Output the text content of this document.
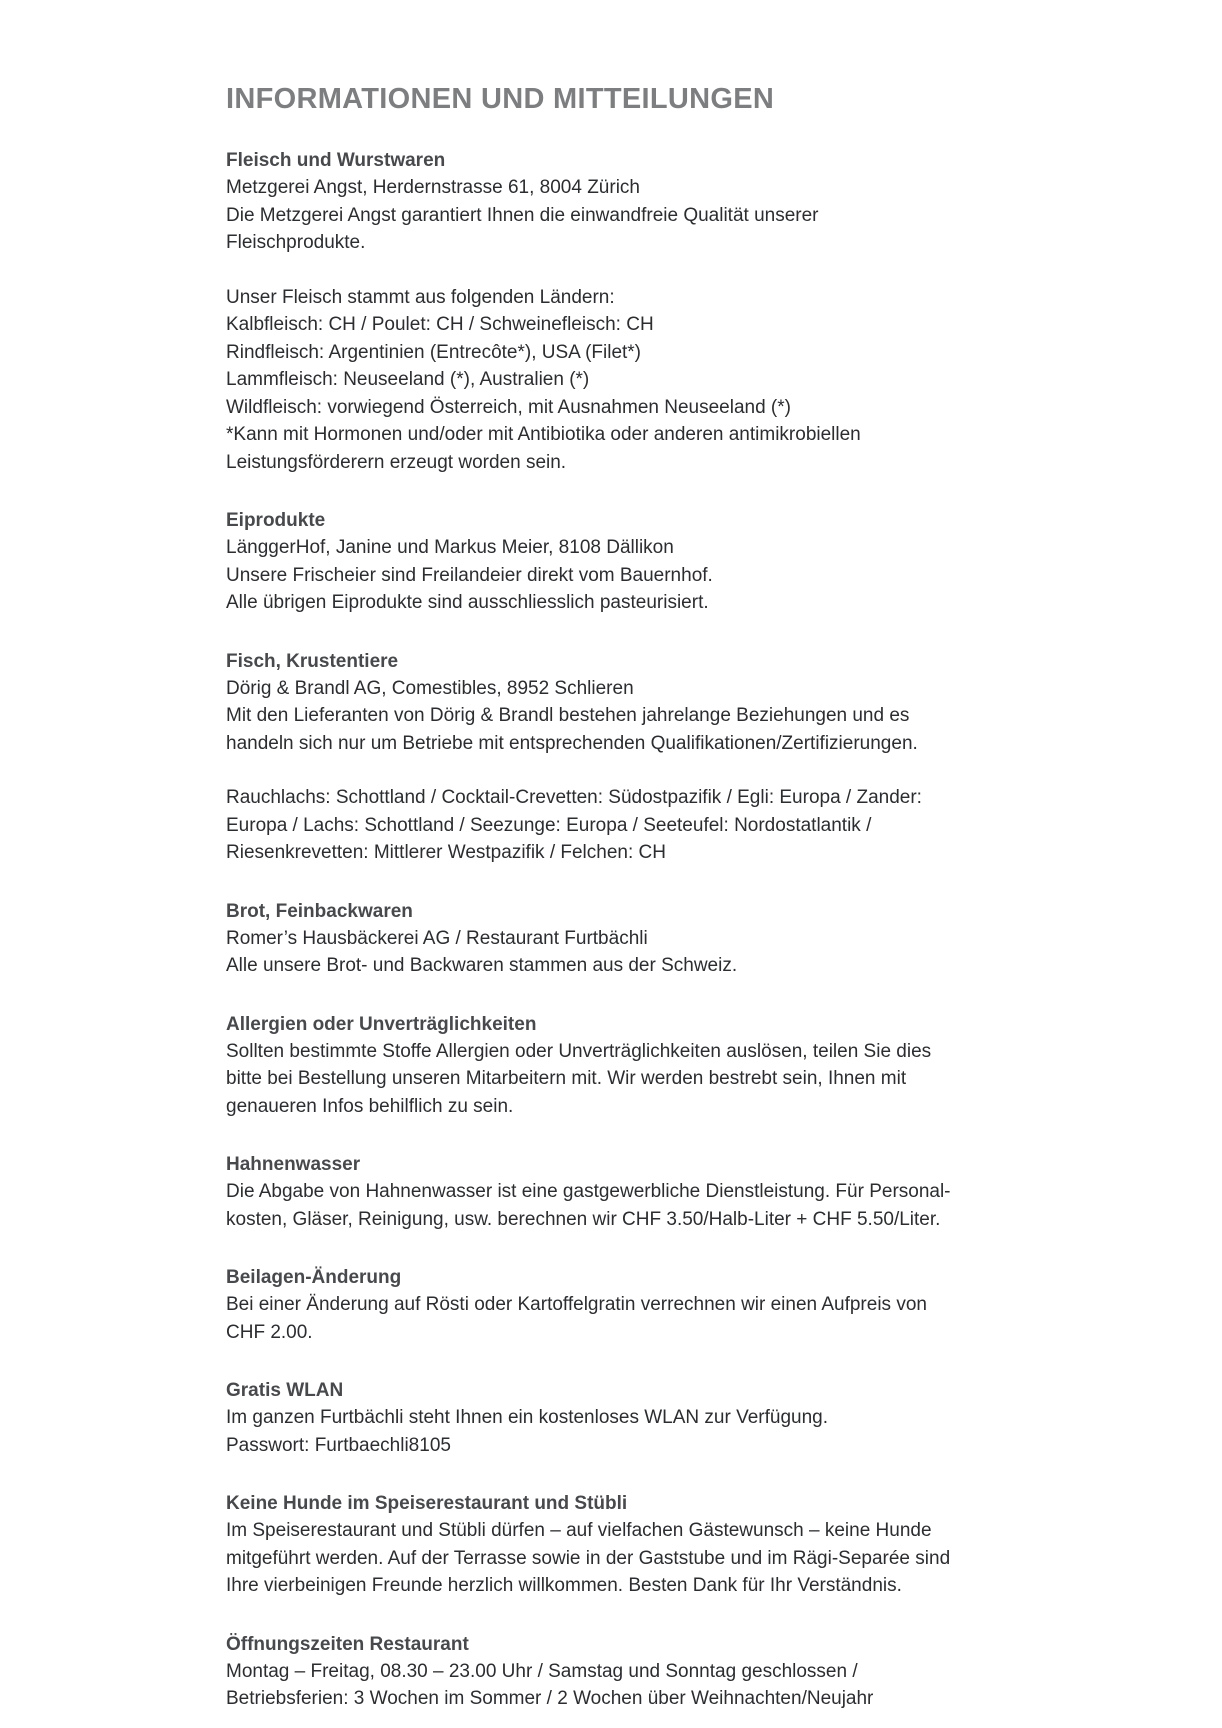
INFORMATIONEN UND MITTEILUNGEN
Fleisch und Wurstwaren
Metzgerei Angst, Herdernstrasse 61, 8004 Zürich
Die Metzgerei Angst garantiert Ihnen die einwandfreie Qualität unserer
Fleischprodukte.
Unser Fleisch stammt aus folgenden Ländern:
Kalbfleisch: CH / Poulet: CH / Schweinefleisch: CH
Rindfleisch: Argentinien (Entrecôte*), USA (Filet*)
Lammfleisch: Neuseeland (*), Australien (*)
Wildfleisch: vorwiegend Österreich, mit Ausnahmen Neuseeland (*)
*Kann mit Hormonen und/oder mit Antibiotika oder anderen antimikrobiellen
Leistungsförderern erzeugt worden sein.
Eiprodukte
LänggerHof, Janine und Markus Meier, 8108 Dällikon
Unsere Frischeier sind Freilandeier direkt vom Bauernhof.
Alle übrigen Eiprodukte sind ausschliesslich pasteurisiert.
Fisch, Krustentiere
Dörig & Brandl AG, Comestibles, 8952 Schlieren
Mit den Lieferanten von Dörig & Brandl bestehen jahrelange Beziehungen und es
handeln sich nur um Betriebe mit entsprechenden Qualifikationen/Zertifizierungen.
Rauchlachs: Schottland / Cocktail-Crevetten: Südostpazifik / Egli: Europa / Zander:
Europa / Lachs: Schottland / Seezunge: Europa / Seeteufel: Nordostatlantik /
Riesenkrevetten: Mittlerer Westpazifik / Felchen: CH
Brot, Feinbackwaren
Romer’s Hausbäckerei AG / Restaurant Furtbächli
Alle unsere Brot- und Backwaren stammen aus der Schweiz.
Allergien oder Unverträglichkeiten
Sollten bestimmte Stoffe Allergien oder Unverträglichkeiten auslösen, teilen Sie dies
bitte bei Bestellung unseren Mitarbeitern mit. Wir werden bestrebt sein, Ihnen mit
genaueren Infos behilflich zu sein.
Hahnenwasser
Die Abgabe von Hahnenwasser ist eine gastgewerbliche Dienstleistung. Für Personal-
kosten, Gläser, Reinigung, usw. berechnen wir CHF 3.50/Halb-Liter + CHF 5.50/Liter.
Beilagen-Änderung
Bei einer Änderung auf Rösti oder Kartoffelgratin verrechnen wir einen Aufpreis von
CHF 2.00.
Gratis WLAN
Im ganzen Furtbächli steht Ihnen ein kostenloses WLAN zur Verfügung.
Passwort: Furtbaechli8105
Keine Hunde im Speiserestaurant und Stübli
Im Speiserestaurant und Stübli dürfen – auf vielfachen Gästewunsch – keine Hunde
mitgeführt werden. Auf der Terrasse sowie in der Gaststube und im Rägi-Separée sind
Ihre vierbeinigen Freunde herzlich willkommen. Besten Dank für Ihr Verständnis.
Öffnungszeiten Restaurant
Montag – Freitag, 08.30 – 23.00 Uhr / Samstag und Sonntag geschlossen /
Betriebsferien: 3 Wochen im Sommer / 2 Wochen über Weihnachten/Neujahr
